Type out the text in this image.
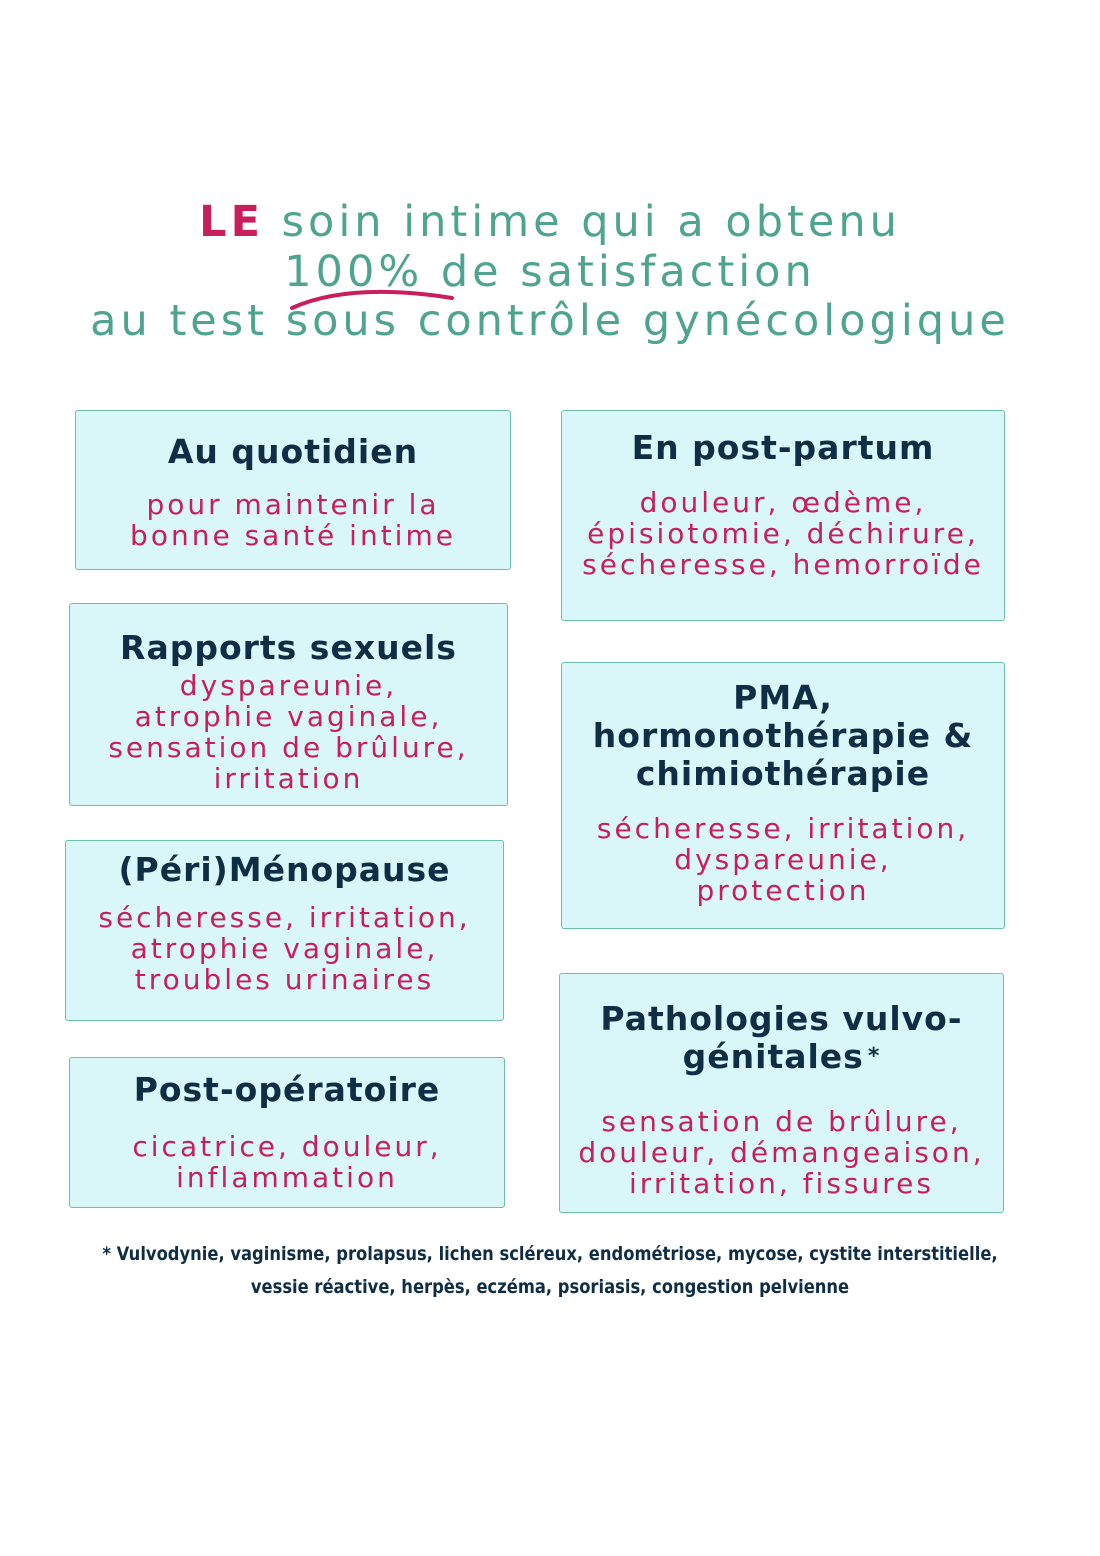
LE soin intime qui a obtenu

100% de satisfaction

au test sous contrôle gynécologique

Au quotidien

pour maintenir la
bonne santé intime

Rapports sexuels

dyspareunie,
atrophie vaginale,
sensation de brûlure,
irritation

(Péri)Ménopause

sécheresse, irritation,
atrophie vaginale,
troubles urinaires

Post-opératoire

cicatrice, douleur,
inflammation

En post-partum

douleur, œdème,
épisiotomie, déchirure,
sécheresse, hemorroïde

PMA,
hormonothérapie &
chimiothérapie

sécheresse, irritation,
dyspareunie,
protection

Pathologies vulvo-
génitales *

sensation de brûlure,
douleur, démangeaison,
irritation, fissures

* Vulvodynie, vaginisme, prolapsus, lichen scléreux, endométriose, mycose, cystite interstitielle,
vessie réactive, herpès, eczéma, psoriasis, congestion pelvienne
